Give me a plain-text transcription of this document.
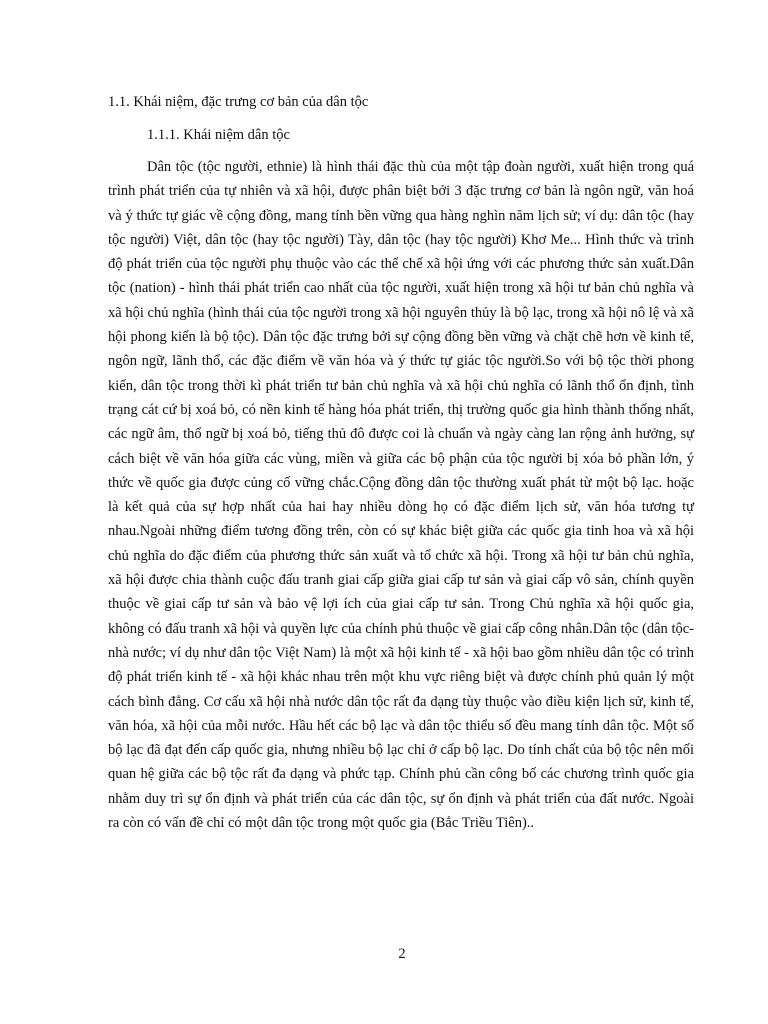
1.1. Khái niệm, đặc trưng cơ bản của dân tộc
1.1.1. Khái niệm dân tộc

Dân tộc (tộc người, ethnie) là hình thái đặc thù của một tập đoàn người, xuất hiện trong quá trình phát triển của tự nhiên và xã hội, được phân biệt bởi 3 đặc trưng cơ bản là ngôn ngữ, văn hoá và ý thức tự giác về cộng đồng, mang tính bền vững qua hàng nghìn năm lịch sử; ví dụ: dân tộc (hay tộc người) Việt, dân tộc (hay tộc người) Tày, dân tộc (hay tộc người) Khơ Me... Hình thức và trình độ phát triển của tộc người phụ thuộc vào các thể chế xã hội ứng với các phương thức sản xuất.Dân tộc (nation) - hình thái phát triển cao nhất của tộc người, xuất hiện trong xã hội tư bản chủ nghĩa và xã hội chủ nghĩa (hình thái của tộc người trong xã hội nguyên thủy là bộ lạc, trong xã hội nô lệ và xã hội phong kiến là bộ tộc). Dân tộc đặc trưng bởi sự cộng đồng bền vững và chặt chẽ hơn về kinh tế, ngôn ngữ, lãnh thổ, các đặc điểm về văn hóa và ý thức tự giác tộc người.So với bộ tộc thời phong kiến, dân tộc trong thời kì phát triển tư bản chủ nghĩa và xã hội chủ nghĩa có lãnh thổ ổn định, tình trạng cát cứ bị xoá bỏ, có nền kinh tế hàng hóa phát triển, thị trường quốc gia hình thành thống nhất, các ngữ âm, thổ ngữ bị xoá bỏ, tiếng thủ đô được coi là chuẩn và ngày càng lan rộng ảnh hưởng, sự cách biệt về văn hóa giữa các vùng, miền và giữa các bộ phận của tộc người bị xóa bỏ phần lớn, ý thức về quốc gia được củng cố vững chắc.Cộng đồng dân tộc thường xuất phát từ một bộ lạc. hoặc là kết quả của sự hợp nhất của hai hay nhiều dòng họ có đặc điểm lịch sử, văn hóa tương tự nhau.Ngoài những điểm tương đồng trên, còn có sự khác biệt giữa các quốc gia tinh hoa và xã hội chủ nghĩa do đặc điểm của phương thức sản xuất và tổ chức xã hội. Trong xã hội tư bản chủ nghĩa, xã hội được chia thành cuộc đấu tranh giai cấp giữa giai cấp tư sản và giai cấp vô sản, chính quyền thuộc về giai cấp tư sản và bảo vệ lợi ích của giai cấp tư sản. Trong Chủ nghĩa xã hội quốc gia, không có đấu tranh xã hội và quyền lực của chính phủ thuộc về giai cấp công nhân.Dân tộc (dân tộc-nhà nước; ví dụ như dân tộc Việt Nam) là một xã hội kinh tế - xã hội bao gồm nhiều dân tộc có trình độ phát triển kinh tế - xã hội khác nhau trên một khu vực riêng biệt và được chính phủ quản lý một cách bình đẳng. Cơ cấu xã hội nhà nước dân tộc rất đa dạng tùy thuộc vào điều kiện lịch sử, kinh tế, văn hóa, xã hội của mỗi nước. Hầu hết các bộ lạc và dân tộc thiểu số đều mang tính dân tộc. Một số bộ lạc đã đạt đến cấp quốc gia, nhưng nhiều bộ lạc chỉ ở cấp bộ lạc. Do tính chất của bộ tộc nên mối quan hệ giữa các bộ tộc rất đa dạng và phức tạp. Chính phủ cần công bố các chương trình quốc gia nhằm duy trì sự ổn định và phát triển của các dân tộc, sự ổn định và phát triển của đất nước. Ngoài ra còn có vấn đề chỉ có một dân tộc trong một quốc gia (Bắc Triều Tiên)..

2
